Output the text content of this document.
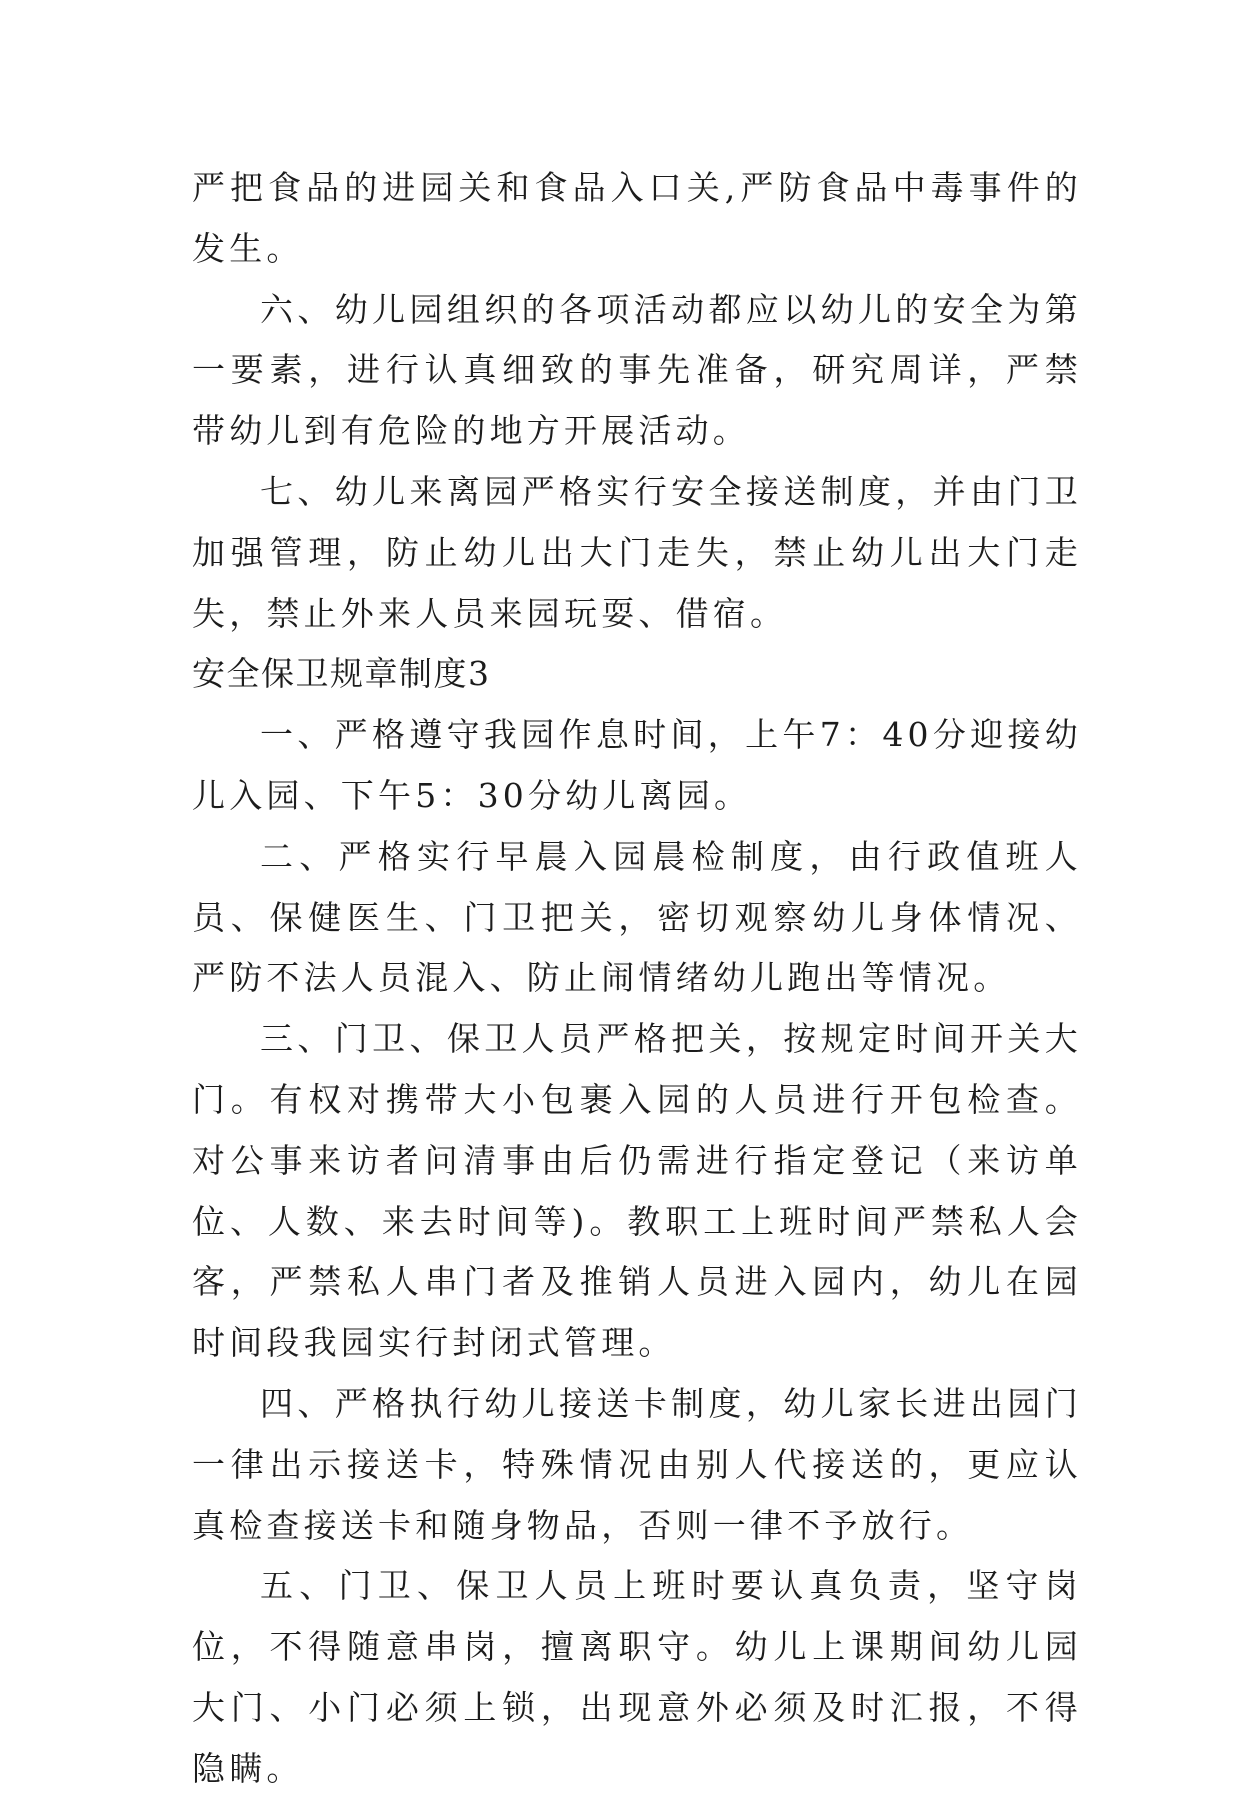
严把食品的进园关和食品入口关,严防食品中毒事件的发生。

六、幼儿园组织的各项活动都应以幼儿的安全为第一要素，进行认真细致的事先准备，研究周详，严禁带幼儿到有危险的地方开展活动。

七、幼儿来离园严格实行安全接送制度，并由门卫加强管理，防止幼儿出大门走失，禁止幼儿出大门走失，禁止外来人员来园玩耍、借宿。

安全保卫规章制度3

一、严格遵守我园作息时间，上午7：40分迎接幼儿入园、下午5：30分幼儿离园。

二、严格实行早晨入园晨检制度，由行政值班人员、保健医生、门卫把关，密切观察幼儿身体情况、严防不法人员混入、防止闹情绪幼儿跑出等情况。

三、门卫、保卫人员严格把关，按规定时间开关大门。有权对携带大小包裹入园的人员进行开包检查。对公事来访者问清事由后仍需进行指定登记（来访单位、人数、来去时间等)。教职工上班时间严禁私人会客，严禁私人串门者及推销人员进入园内，幼儿在园时间段我园实行封闭式管理。

四、严格执行幼儿接送卡制度，幼儿家长进出园门一律出示接送卡，特殊情况由别人代接送的，更应认真检查接送卡和随身物品，否则一律不予放行。

五、门卫、保卫人员上班时要认真负责，坚守岗位，不得随意串岗，擅离职守。幼儿上课期间幼儿园大门、小门必须上锁，出现意外必须及时汇报，不得隐瞒。
